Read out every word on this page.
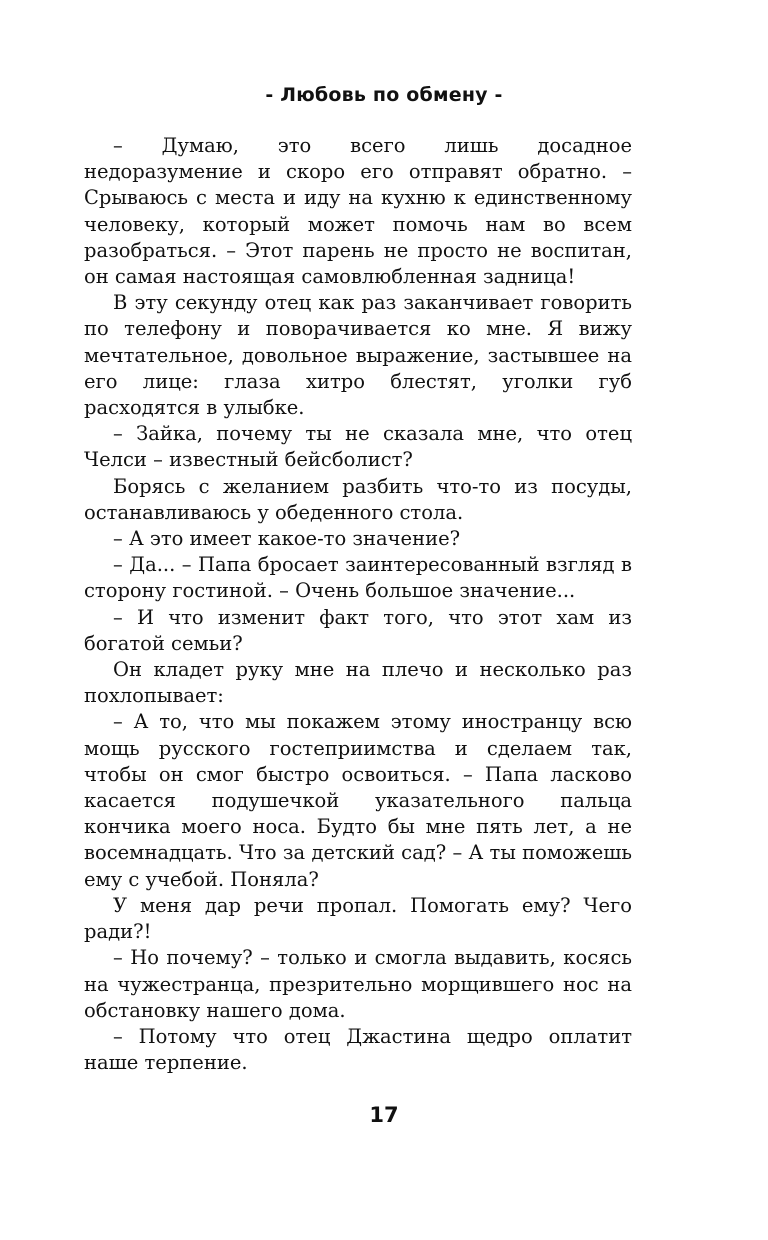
- Любовь по обмену -

– Думаю, это всего лишь досадное недоразумение и скоро его отправят обратно. – Срываюсь с места и иду на кухню к единственному человеку, который может помочь нам во всем разобраться. – Этот парень не просто не воспитан, он самая настоящая самовлюбленная задница!

В эту секунду отец как раз заканчивает говорить по телефону и поворачивается ко мне. Я вижу мечтательное, довольное выражение, застывшее на его лице: глаза хитро блестят, уголки губ расходятся в улыбке.

– Зайка, почему ты не сказала мне, что отец Челси – известный бейсболист?

Борясь с желанием разбить что-то из посуды, останавливаюсь у обеденного стола.

– А это имеет какое-то значение?

– Да... – Папа бросает заинтересованный взгляд в сторону гостиной. – Очень большое значение...

– И что изменит факт того, что этот хам из богатой семьи?

Он кладет руку мне на плечо и несколько раз похлопывает:

– А то, что мы покажем этому иностранцу всю мощь русского гостеприимства и сделаем так, чтобы он смог быстро освоиться. – Папа ласково касается подушечкой указательного пальца кончика моего носа. Будто бы мне пять лет, а не восемнадцать. Что за детский сад? – А ты поможешь ему с учебой. Поняла?

У меня дар речи пропал. Помогать ему? Чего ради?!

– Но почему? – только и смогла выдавить, косясь на чужестранца, презрительно морщившего нос на обстановку нашего дома.

– Потому что отец Джастина щедро оплатит наше терпение.

17
